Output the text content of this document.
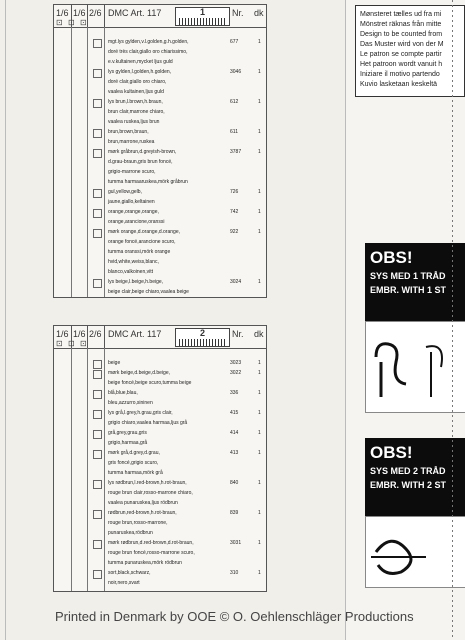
1/6 1/6 2/6 DMC Art. 117	1	Nr. dk
⊡ ⊡ ⊡
mgt.lys gylden,v.l.golden,g.h.golden,	677	1
doré très clair,giallo oro chiarissimo,
e.v.kultainen,mycket ljus guld
lys gylden,l.golden,h.golden,	3046	1
doré clair,giallo oro chiaro,
vaalea kultainen,ljus guld
lys brun,l.brown,h.braun,	612	1
brun clair,marrone chiaro,
vaalea ruskea,ljus brun
brun,brown,braun,	611	1
brun,marrone,ruskea
mørk gråbrun,d.greyish-brown,	3787	1
d.grau-braun,gris brun foncé,
grigio-marrone scuro,
tumma harmaaruskea,mörk gråbrun
gul,yellow,gelb,	726	1
jaune,giallo,keltainen
orange,orange,orange,	742	1
orange,arancione,oranssi
mørk orange,d.orange,d.orange,	922	1
orange foncé,arancione scuro,
tumma oranssi,mörk orange
hvid,white,weiss,blanc,
blanco,valkoinen,vitt
lys beige,l.beige,h.beige,	3024	1
beige clair,beige chiaro,vaalea beige
1/6 1/6 2/6 DMC Art. 117	2	Nr. dk
⊡ ⊡ ⊡
beige	3023	1
mørk beige,d.beige,d.beige,	3022	1
beige foncé,beige scuro,tumma beige
blå,blue,blau,	336	1
bleu,azzurro,sininen
lys grå,l.grey,h.grau,gris clair,	415	1
grigio chiaro,vaalea harmaa,ljus grå
grå,grey,grau,gris	414	1
grigio,harmaa,grå
mørk grå,d.grey,d.grau,	413	1
gris foncé,grigio scuro,
tumma harmaa,mörk grå
lys rødbrun,l.red-brown,h.rot-braun,	840	1
rouge brun clair,rosso-marrone chiaro,
vaalea punaruskea,ljus rödbrun
rødbrun,red-brown,h.rot-braun,	839	1
rouge brun,rosso-marrone,
punaruskea,rödbrun
mørk rødbrun,d.red-brown,d.rot-braun,	3031	1
rouge brun foncé,rosso-marrone scuro,
tumma punaruskea,mörk rödbrun
sort,black,schwarz,	310	1
noir,nero,svart
Mønsteret tælles ud fra mi
Mönstret räknas från mitte
Design to be counted from
Das Muster wird von der M
Le patron se compte partir
Het patroon wordt vanuit h
Iniziare il motivo partendo
Kuvio lasketaan keskeltä
OBS!
SYS MED 1 TRÅD
EMBR. WITH 1 ST
OBS!
SYS MED 2 TRÅD
EMBR. WITH 2 ST
Printed in Denmark by OOE © O. Oehlenschläger Productions
